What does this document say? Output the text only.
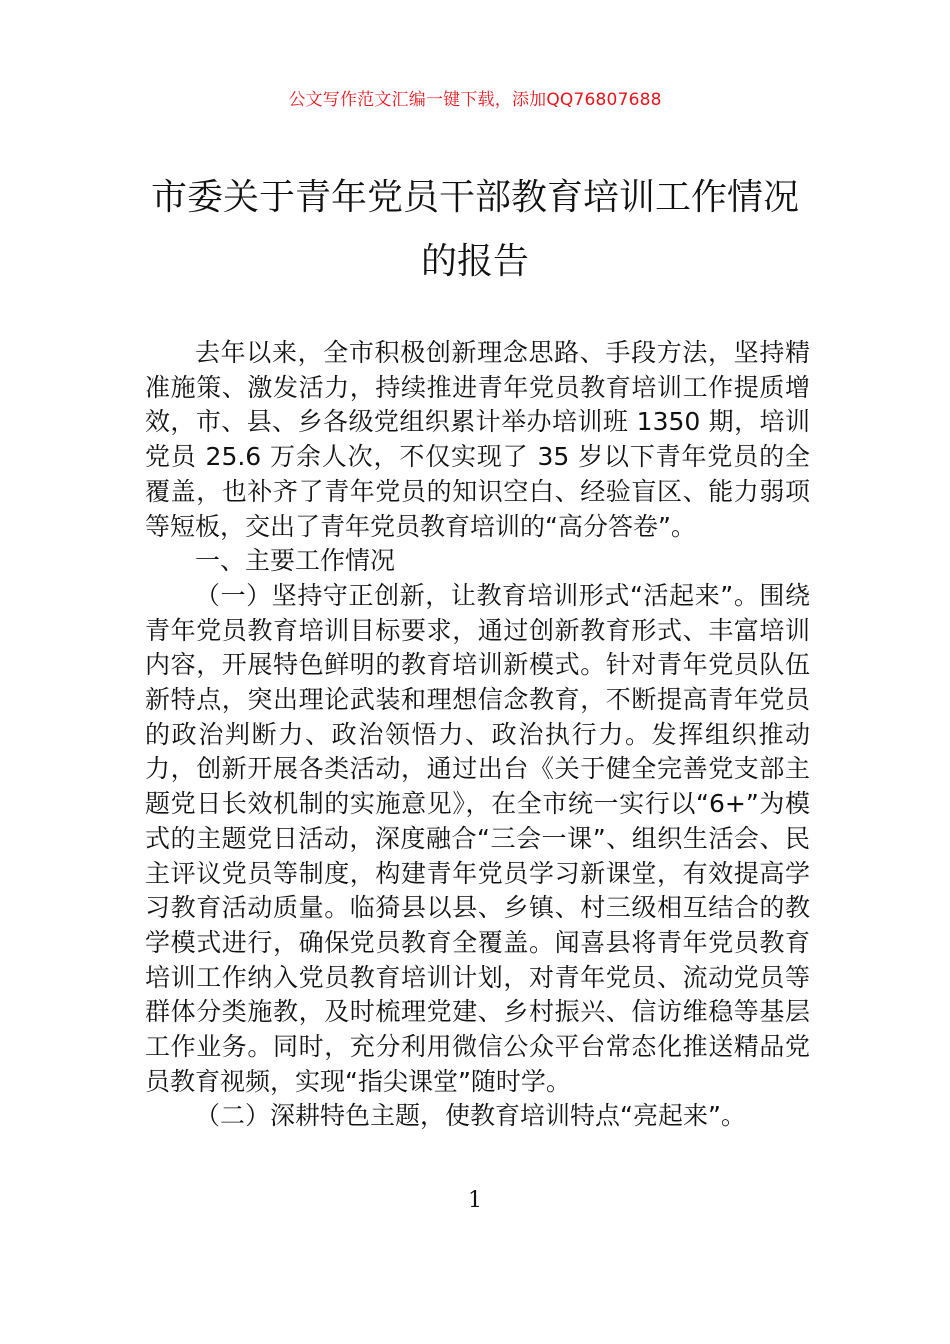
公文写作范文汇编一键下载，添加QQ76807688
市委关于青年党员干部教育培训工作情况
的报告

去年以来，全市积极创新理念思路、手段方法，坚持精准施策、激发活力，持续推进青年党员教育培训工作提质增效，市、县、乡各级党组织累计举办培训班 1350 期，培训党员 25.6 万余人次，不仅实现了 35 岁以下青年党员的全覆盖，也补齐了青年党员的知识空白、经验盲区、能力弱项等短板，交出了青年党员教育培训的“高分答卷”。

一、主要工作情况

（一）坚持守正创新，让教育培训形式“活起来”。围绕青年党员教育培训目标要求，通过创新教育形式、丰富培训内容，开展特色鲜明的教育培训新模式。针对青年党员队伍新特点，突出理论武装和理想信念教育，不断提高青年党员的政治判断力、政治领悟力、政治执行力。发挥组织推动力，创新开展各类活动，通过出台《关于健全完善党支部主题党日长效机制的实施意见》，在全市统一实行以“6+”为模式的主题党日活动，深度融合“三会一课”、组织生活会、民主评议党员等制度，构建青年党员学习新课堂，有效提高学习教育活动质量。临猗县以县、乡镇、村三级相互结合的教学模式进行，确保党员教育全覆盖。闻喜县将青年党员教育培训工作纳入党员教育培训计划，对青年党员、流动党员等群体分类施教，及时梳理党建、乡村振兴、信访维稳等基层工作业务。同时，充分利用微信公众平台常态化推送精品党员教育视频，实现“指尖课堂”随时学。

（二）深耕特色主题，使教育培训特点“亮起来”。

1
